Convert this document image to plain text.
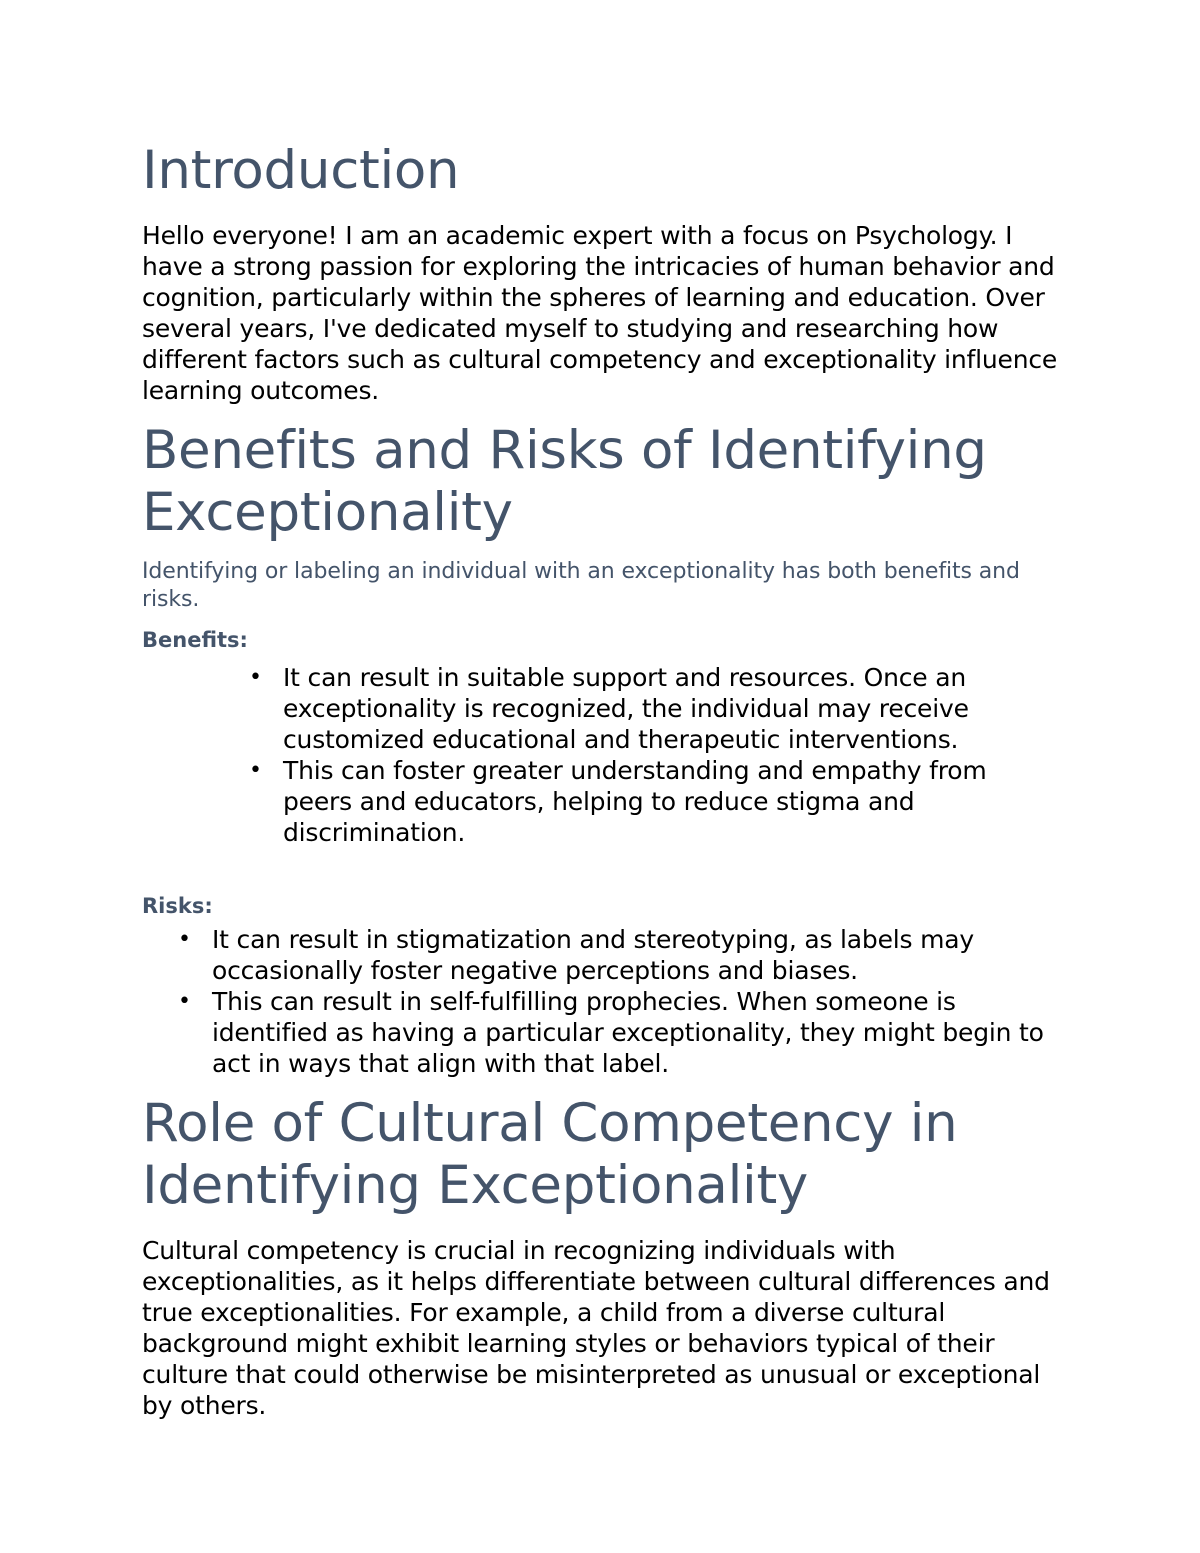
Introduction

Hello everyone! I am an academic expert with a focus on Psychology. I have a strong passion for exploring the intricacies of human behavior and cognition, particularly within the spheres of learning and education. Over several years, I've dedicated myself to studying and researching how different factors such as cultural competency and exceptionality influence learning outcomes.

Benefits and Risks of Identifying Exceptionality

Identifying or labeling an individual with an exceptionality has both benefits and risks.

Benefits:

• It can result in suitable support and resources. Once an exceptionality is recognized, the individual may receive customized educational and therapeutic interventions.
• This can foster greater understanding and empathy from peers and educators, helping to reduce stigma and discrimination.

Risks:

• It can result in stigmatization and stereotyping, as labels may occasionally foster negative perceptions and biases.
• This can result in self-fulfilling prophecies. When someone is identified as having a particular exceptionality, they might begin to act in ways that align with that label.
Role of Cultural Competency in Identifying Exceptionality

Cultural competency is crucial in recognizing individuals with exceptionalities, as it helps differentiate between cultural differences and true exceptionalities. For example, a child from a diverse cultural background might exhibit learning styles or behaviors typical of their culture that could otherwise be misinterpreted as unusual or exceptional by others.
